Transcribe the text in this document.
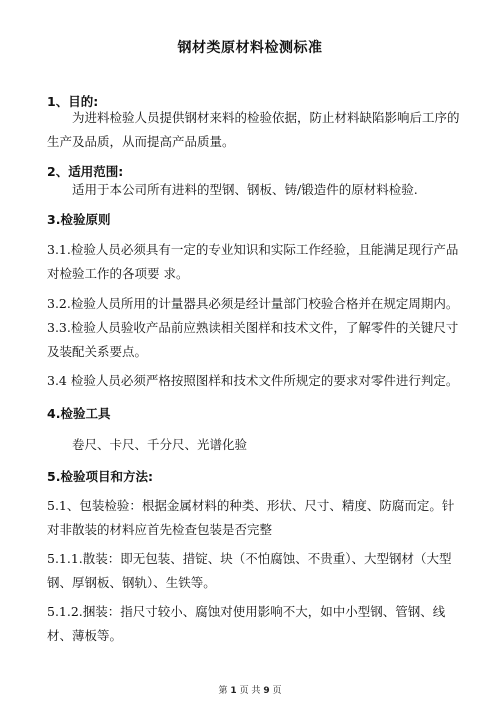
钢材类原材料检测标准
1、目的:

为进料检验人员提供钢材来料的检验依据，防止材料缺陷影响后工序的生产及品质，从而提高产品质量。

2、适用范围:

适用于本公司所有进料的型钢、钢板、铸/锻造件的原材料检验.

3.检验原则

3.1.检验人员必须具有一定的专业知识和实际工作经验，且能满足现行产品对检验工作的各项要 求。

3.2.检验人员所用的计量器具必须是经计量部门校验合格并在规定周期内。

3.3.检验人员验收产品前应熟读相关图样和技术文件，了解零件的关键尺寸及装配关系要点。

3.4 检验人员必须严格按照图样和技术文件所规定的要求对零件进行判定。

4.检验工具

卷尺、卡尺、千分尺、光谱化验

5.检验项目和方法:

5.1、包装检验：根据金属材料的种类、形状、尺寸、精度、防腐而定。针对非散装的材料应首先检查包装是否完整

5.1.1.散装：即无包装、措锭、块（不怕腐蚀、不贵重）、大型钢材（大型钢、厚钢板、钢轨）、生铁等。

5.1.2.捆装：指尺寸较小、腐蚀对使用影响不大，如中小型钢、管钢、线材、薄板等。

第 1 页 共 9 页
